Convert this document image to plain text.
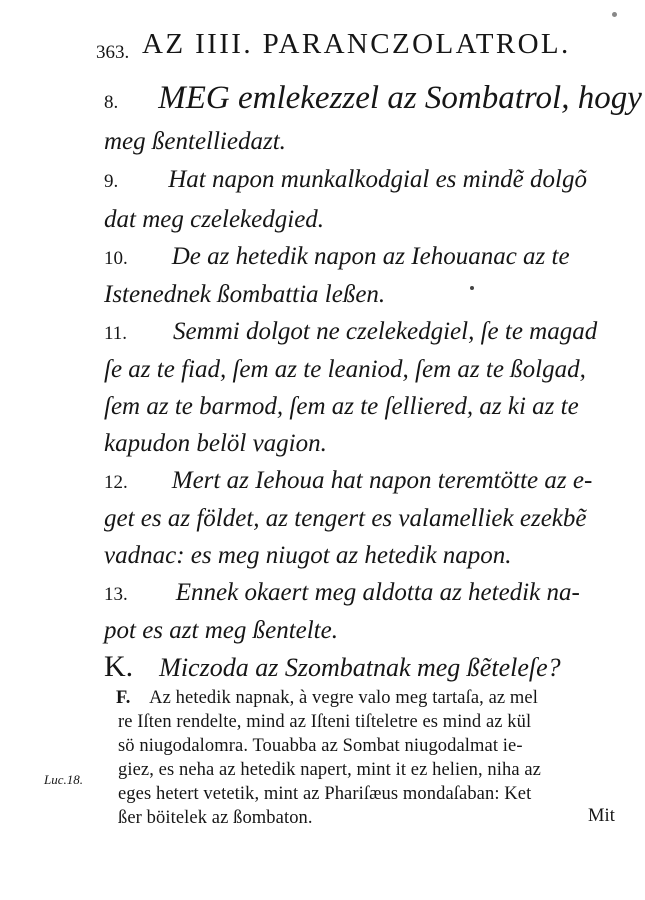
363. AZ IIII. PARANCZOLATROL.
8. MEG emlekezzel az Sombatrol, hogy
meg ßentelliedazt.
9. Hat napon munkalkodgial es mindẽ dolgõ
dat meg czelekedgied.
10. De az hetedik napon az Iehouanac az te
Istenednek ßombattia leßen.
11. Semmi dolgot ne czelekedgiel, ſe te magad
ſe az te fiad, ſem az te leaniod, ſem az te ßolgad,
ſem az te barmod, ſem az te ſelliered, az ki az te
kapudon belöl vagion.
12. Mert az Iehoua hat napon teremtötte az e-
get es az földet, az tengert es valamelliek ezekbẽ
vadnac: es meg niugot az hetedik napon.
13. Ennek okaert meg aldotta az hetedik na-
pot es azt meg ßentelte.
K. Miczoda az Szombatnak meg ßẽteleſe?
F. Az hetedik napnak, à vegre valo meg tartaſa, az mel
re Iſten rendelte, mind az Iſteni tiſteletre es mind az kül
sö niugodalomra. Touabba az Sombat niugodalmat ie-
giez, es neha az hetedik napert, mint it ez helien, niha az
eges hetert vetetik, mint az Phariſæus mondaſaban: Ket
ßer böitelek az ßombaton.	Mit
Luc.18.
